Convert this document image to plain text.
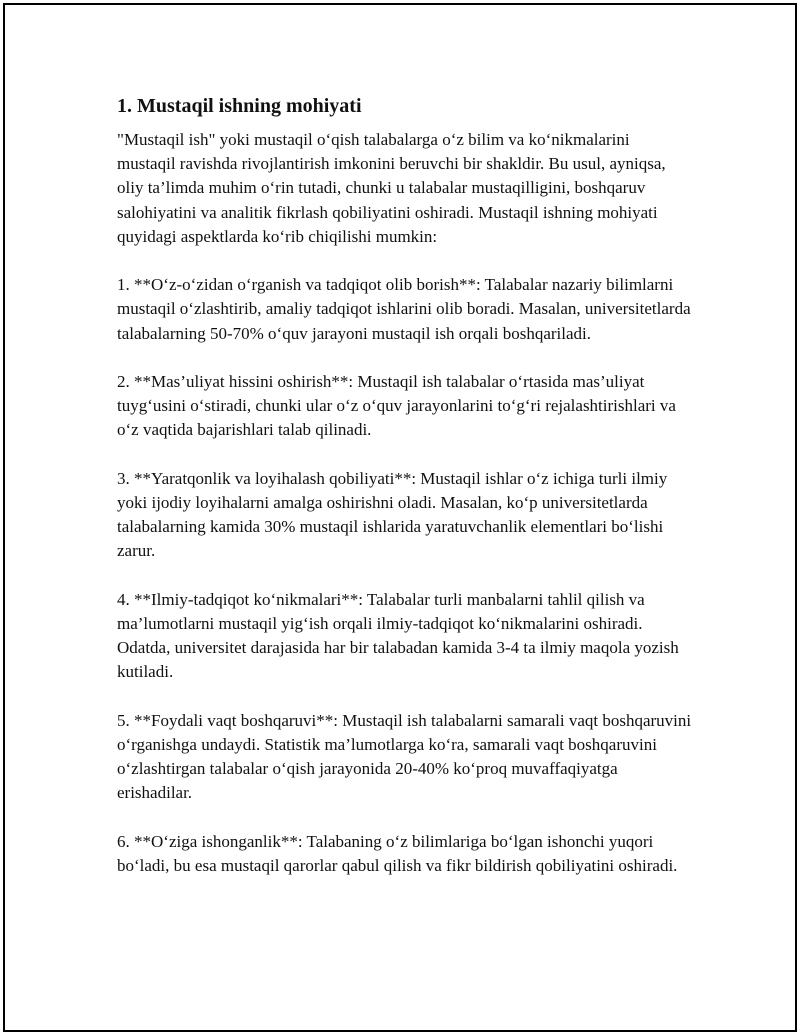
1. Mustaqil ishning mohiyati

"Mustaqil ish" yoki mustaqil o‘qish talabalarga o‘z bilim va ko‘nikmalarini mustaqil ravishda rivojlantirish imkonini beruvchi bir shakldir. Bu usul, ayniqsa, oliy ta’limda muhim o‘rin tutadi, chunki u talabalar mustaqilligini, boshqaruv salohiyatini va analitik fikrlash qobiliyatini oshiradi. Mustaqil ishning mohiyati quyidagi aspektlarda ko‘rib chiqilishi mumkin:

1. **O‘z-o‘zidan o‘rganish va tadqiqot olib borish**: Talabalar nazariy bilimlarni mustaqil o‘zlashtirib, amaliy tadqiqot ishlarini olib boradi. Masalan, universitetlarda talabalarning 50-70% o‘quv jarayoni mustaqil ish orqali boshqariladi.

2. **Mas’uliyat hissini oshirish**: Mustaqil ish talabalar o‘rtasida mas’uliyat tuyg‘usini o‘stiradi, chunki ular o‘z o‘quv jarayonlarini to‘g‘ri rejalashtirishlari va o‘z vaqtida bajarishlari talab qilinadi.

3. **Yaratqonlik va loyihalash qobiliyati**: Mustaqil ishlar o‘z ichiga turli ilmiy yoki ijodiy loyihalarni amalga oshirishni oladi. Masalan, ko‘p universitetlarda talabalarning kamida 30% mustaqil ishlarida yaratuvchanlik elementlari bo‘lishi zarur.

4. **Ilmiy-tadqiqot ko‘nikmalari**: Talabalar turli manbalarni tahlil qilish va ma’lumotlarni mustaqil yig‘ish orqali ilmiy-tadqiqot ko‘nikmalarini oshiradi. Odatda, universitet darajasida har bir talabadan kamida 3-4 ta ilmiy maqola yozish kutiladi.

5. **Foydali vaqt boshqaruvi**: Mustaqil ish talabalarni samarali vaqt boshqaruvini o‘rganishga undaydi. Statistik ma’lumotlarga ko‘ra, samarali vaqt boshqaruvini o‘zlashtirgan talabalar o‘qish jarayonida 20-40% ko‘proq muvaffaqiyatga erishadilar.

6. **O‘ziga ishonganlik**: Talabaning o‘z bilimlariga bo‘lgan ishonchi yuqori bo‘ladi, bu esa mustaqil qarorlar qabul qilish va fikr bildirish qobiliyatini oshiradi.
